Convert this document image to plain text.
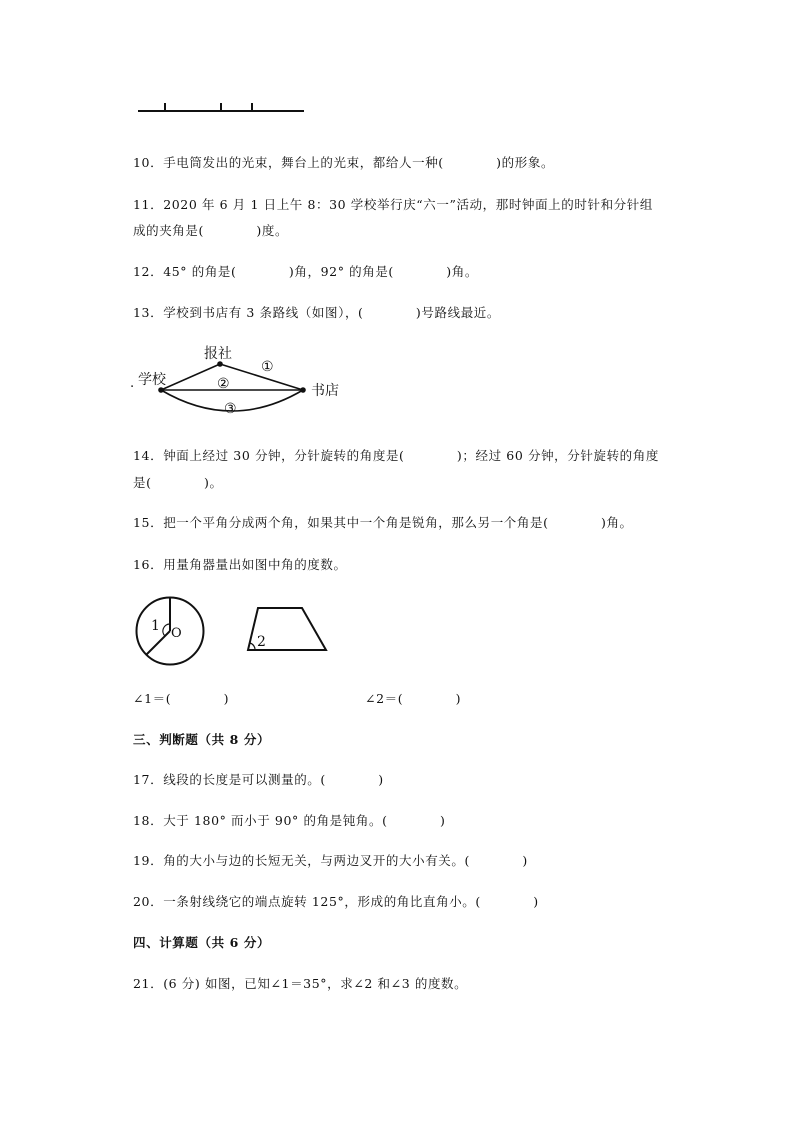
10．手电筒发出的光束，舞台上的光束，都给人一种(　　　　)的形象。
11．2020 年 6 月 1 日上午 8：30 学校举行庆“六一”活动，那时钟面上的时针和分针组
成的夹角是(　　　　)度。
12．45° 的角是(　　　　)角，92° 的角是(　　　　)角。
13．学校到书店有 3 条路线（如图），(　　　　)号路线最近。
. 学校
报社
书店
①
②
③
14．钟面上经过 30 分钟，分针旋转的角度是(　　　　)；经过 60 分钟，分针旋转的角度
是(　　　　)。
15．把一个平角分成两个角，如果其中一个角是锐角，那么另一个角是(　　　　)角。
16．用量角器量出如图中角的度数。
1 O
2
∠1＝(　　　　)	∠2＝(　　　　)
三、判断题（共 8 分）
17．线段的长度是可以测量的。(　　　　)
18．大于 180° 而小于 90° 的角是钝角。(　　　　)
19．角的大小与边的长短无关，与两边叉开的大小有关。(　　　　)
20．一条射线绕它的端点旋转 125°，形成的角比直角小。(　　　　)
四、计算题（共 6 分）
21．(6 分) 如图，已知∠1＝35°，求∠2 和∠3 的度数。
